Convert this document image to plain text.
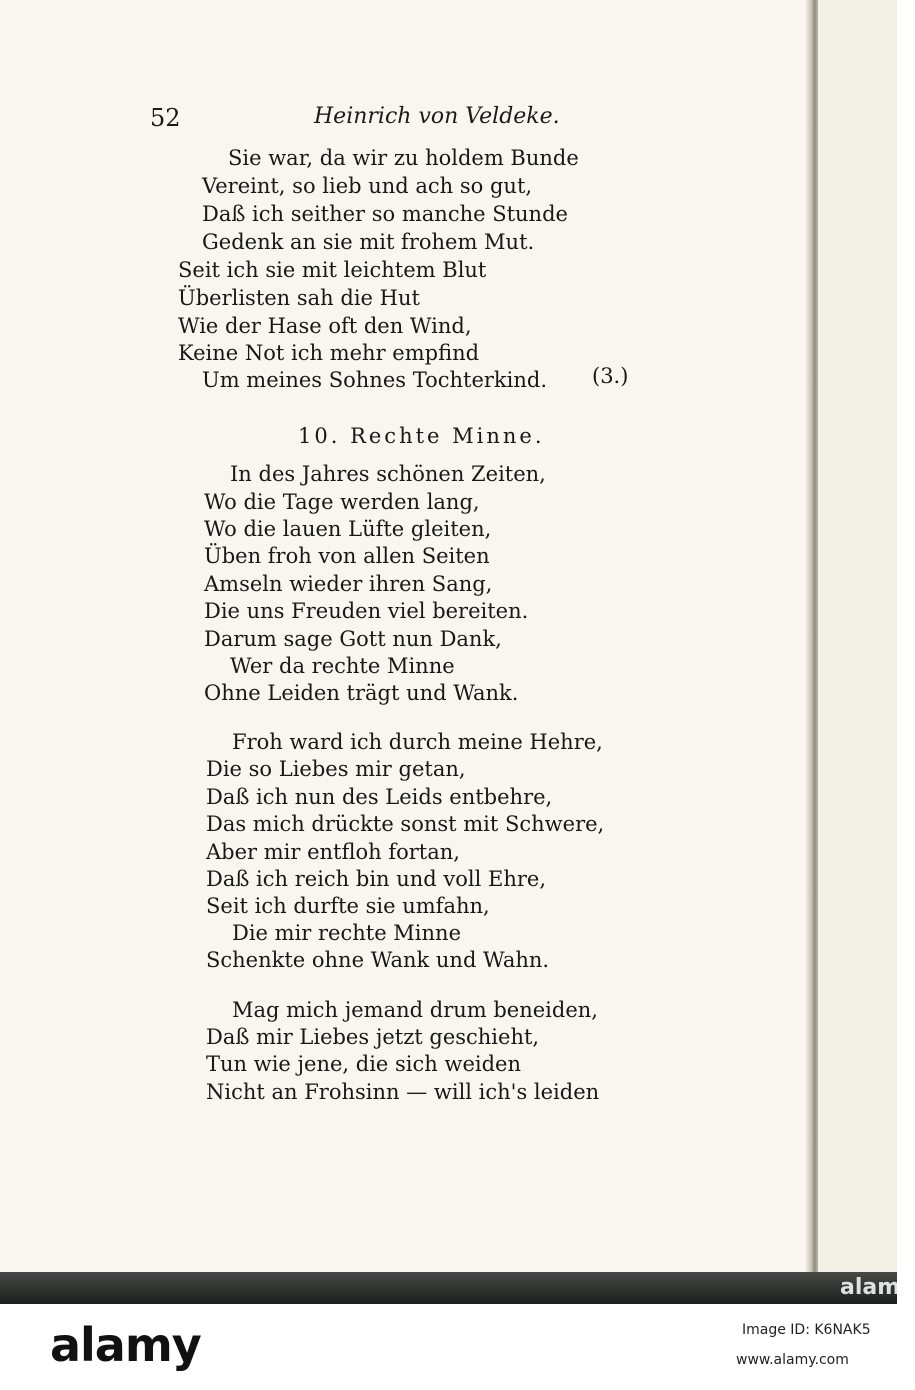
alamy
52	Heinrich von Veldeke.
Sie war, da wir zu holdem Bunde
Vereint, so lieb und ach so gut,
Daß ich seither so manche Stunde
Gedenk an sie mit frohem Mut.
Seit ich sie mit leichtem Blut
Überlisten sah die Hut
Wie der Hase oft den Wind,
Keine Not ich mehr empfind
Um meines Sohnes Tochterkind. (3.)
10. Rechte Minne.
In des Jahres schönen Zeiten,
Wo die Tage werden lang,
Wo die lauen Lüfte gleiten,
Üben froh von allen Seiten
Amseln wieder ihren Sang,
Die uns Freuden viel bereiten.
Darum sage Gott nun Dank,
Wer da rechte Minne
Ohne Leiden trägt und Wank.
Froh ward ich durch meine Hehre,
Die so Liebes mir getan,
Daß ich nun des Leids entbehre,
Das mich drückte sonst mit Schwere,
Aber mir entfloh fortan,
Daß ich reich bin und voll Ehre,
Seit ich durfte sie umfahn,
Die mir rechte Minne
Schenkte ohne Wank und Wahn.
Mag mich jemand drum beneiden,
Daß mir Liebes jetzt geschieht,
Tun wie jene, die sich weiden
Nicht an Frohsinn — will ich's leiden
alamy	Image ID: K6NAK5
www.alamy.com
